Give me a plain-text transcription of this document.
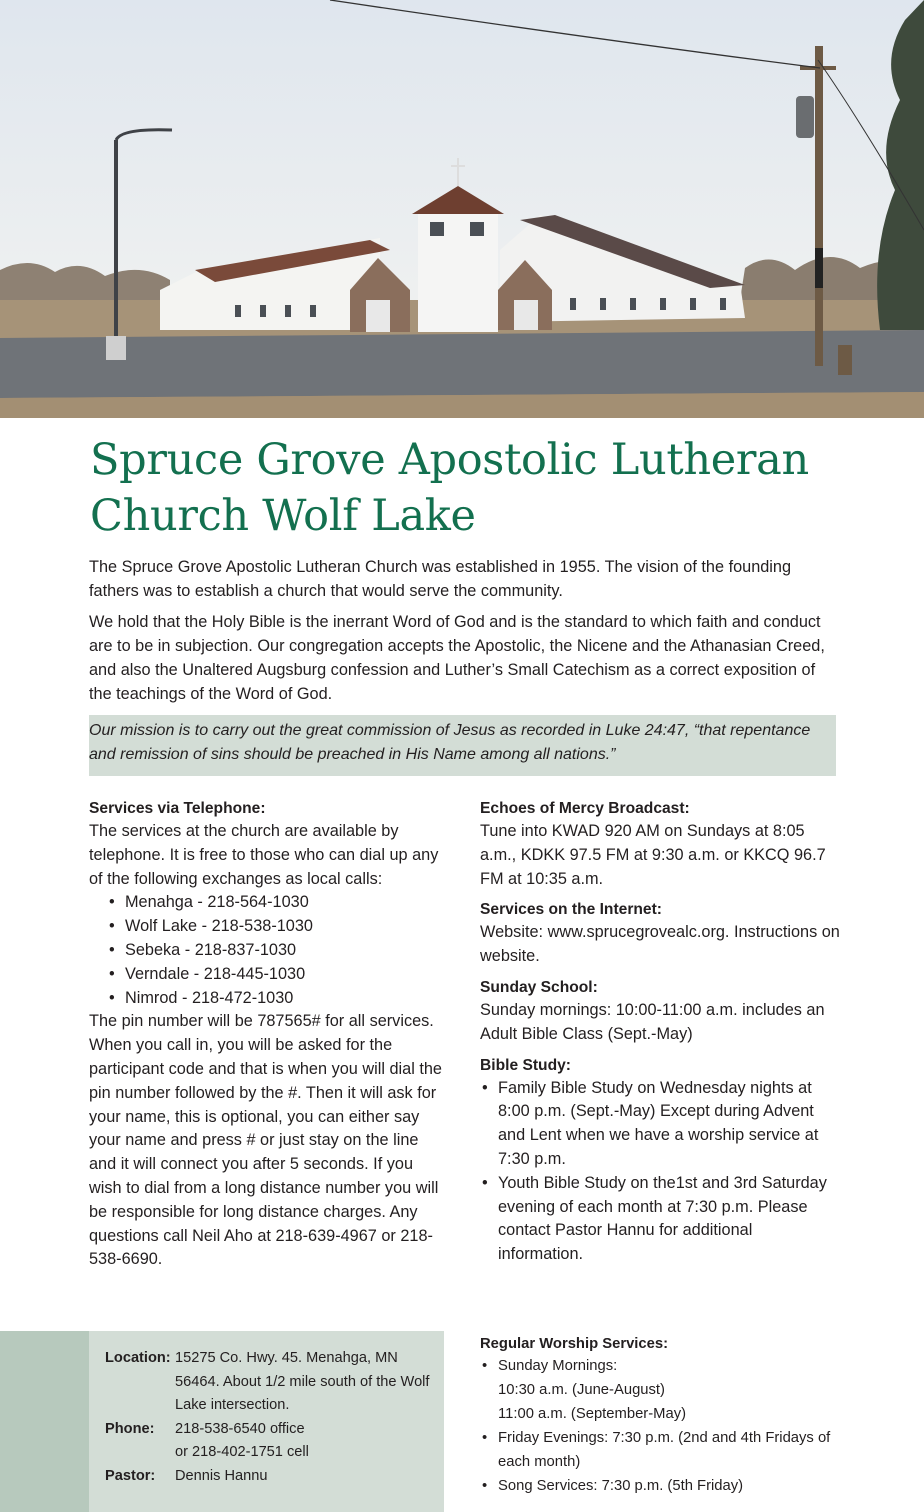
Spruce Grove Apostolic Lutheran
Church Wolf Lake

The Spruce Grove Apostolic Lutheran Church was established in 1955. The vision of the founding fathers was to establish a church that would serve the community.

We hold that the Holy Bible is the inerrant Word of God and is the standard to which faith and conduct are to be in subjection. Our congregation accepts the Apostolic, the Nicene and the Athanasian Creed, and also the Unaltered Augsburg confession and Luther’s Small Catechism as a correct exposition of the teachings of the Word of God.

Our mission is to carry out the great commission of Jesus as recorded in Luke 24:47, “that repentance and remission of sins should be preached in His Name among all nations.”

Services via Telephone:

The services at the church are available by telephone. It is free to those who can dial up any of the following exchanges as local calls:
• Menahga - 218-564-1030
• Wolf Lake - 218-538-1030
• Sebeka - 218-837-1030
• Verndale - 218-445-1030
• Nimrod - 218-472-1030
The pin number will be 787565# for all services. When you call in, you will be asked for the participant code and that is when you will dial the pin number followed by the #. Then it will ask for your name, this is optional, you can either say your name and press # or just stay on the line and it will connect you after 5 seconds. If you wish to dial from a long distance number you will be responsible for long distance charges. Any questions call Neil Aho at 218-639-4967 or 218-538-6690.

Echoes of Mercy Broadcast:

Tune into KWAD 920 AM on Sundays at 8:05 a.m., KDKK 97.5 FM at 9:30 a.m. or KKCQ 96.7 FM at 10:35 a.m.

Services on the Internet:

Website: www.sprucegrovealc.org. Instructions on website.

Sunday School:

Sunday mornings: 10:00-11:00 a.m. includes an Adult Bible Class (Sept.-May)

Bible Study:

• Family Bible Study on Wednesday nights at 8:00 p.m. (Sept.-May) Except during Advent and Lent when we have a worship service at 7:30 p.m.
• Youth Bible Study on the1st and 3rd Saturday evening of each month at 7:30 p.m. Please contact Pastor Hannu for additional information.
Location: 15275 Co. Hwy. 45. Menahga, MN 56464. About 1/2 mile south of the Wolf Lake intersection.
Phone:	218-538-6540 office
or 218-402-1751 cell
Pastor:	Dennis Hannu

Regular Worship Services:

• Sunday Mornings:
10:30 a.m. (June-August)
11:00 a.m. (September-May)
• Friday Evenings: 7:30 p.m. (2nd and 4th Fridays of each month)
• Song Services: 7:30 p.m. (5th Friday)
